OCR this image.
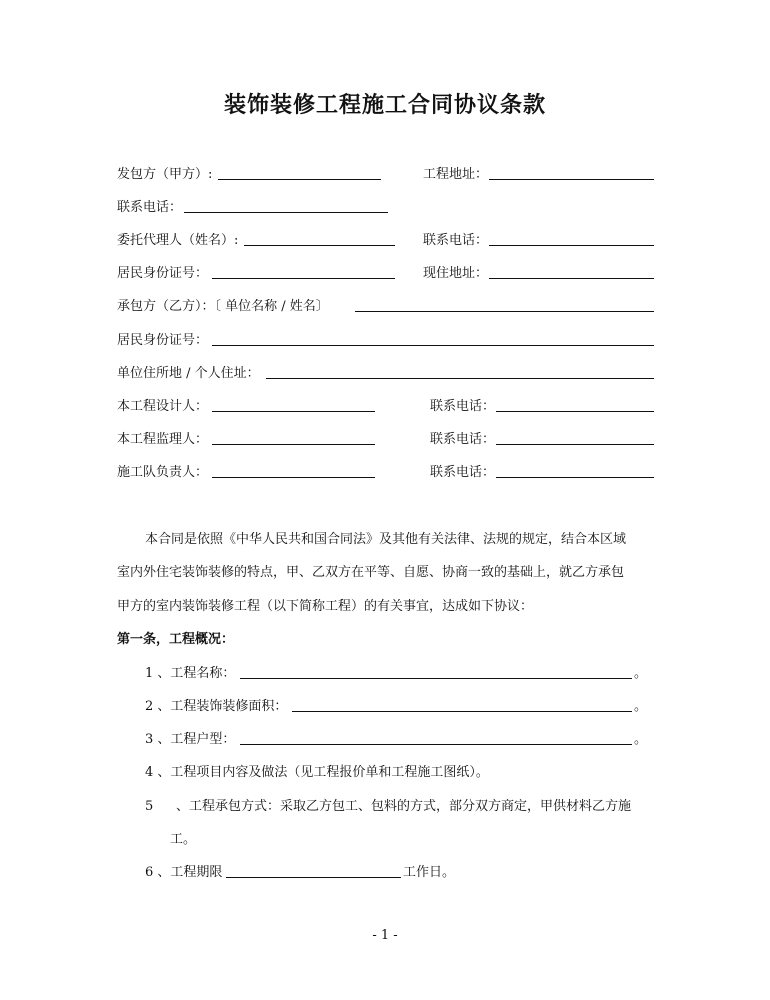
装饰装修工程施工合同协议条款
发包方（甲方）:	工程地址：
联系电话：
委托代理人（姓名）:	联系电话：
居民身份证号：	现住地址：
承包方（乙方）：〔 单位名称 / 姓名〕
居民身份证号：
单位住所地 / 个人住址：
本工程设计人：	联系电话：
本工程监理人：	联系电话：
施工队负责人：	联系电话：
本合同是依照《中华人民共和国合同法》及其他有关法律、法规的规定，结合本区域
室内外住宅装饰装修的特点，甲、乙双方在平等、自愿、协商一致的基础上，就乙方承包
甲方的室内装饰装修工程（以下简称工程）的有关事宜，达成如下协议：
第一条，工程概况：
1 、工程名称：	。
2 、工程装饰装修面积：	。
3 、工程户型：	。
4 、工程项目内容及做法（见工程报价单和工程施工图纸）。
5 、工程承包方式：采取乙方包工、包料的方式，部分双方商定，甲供材料乙方施
工。
6 、工程期限	工作日。
- 1 -
